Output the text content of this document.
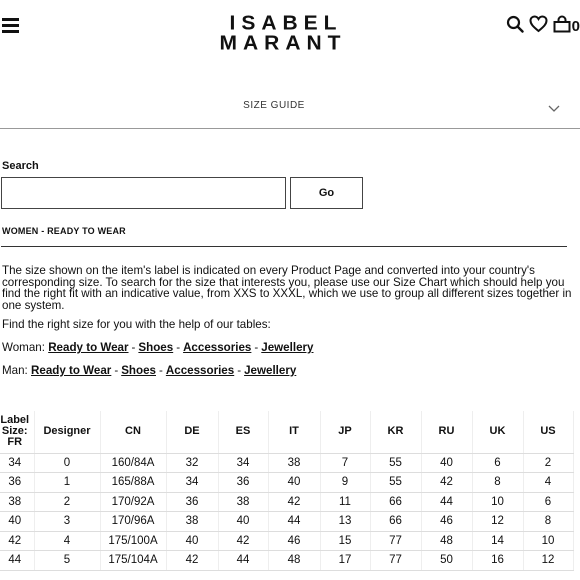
ISABEL
MARANT
0
SIZE GUIDE
Search
Go
WOMEN - READY TO WEAR

The size shown on the item's label is indicated on every Product Page and converted into your country's corresponding size. To search for the size that interests you, please use our Size Chart which should help you find the right fit with an indicative value, from XXS to XXXL, which we use to group all different sizes together in one system.

Find the right size for you with the help of our tables:

Woman: Ready to Wear - Shoes - Accessories - Jewellery
Man: Ready to Wear - Shoes - Accessories - Jewellery
Label Size: FR	Designer	CN	DE	ES	IT	JP	KR	RU	UK	US
34	0	160/84A	32	34	38	7	55	40	6	2
36	1	165/88A	34	36	40	9	55	42	8	4
38	2	170/92A	36	38	42	11	66	44	10	6
40	3	170/96A	38	40	44	13	66	46	12	8
42	4	175/100A	40	42	46	15	77	48	14	10
44	5	175/104A	42	44	48	17	77	50	16	12
